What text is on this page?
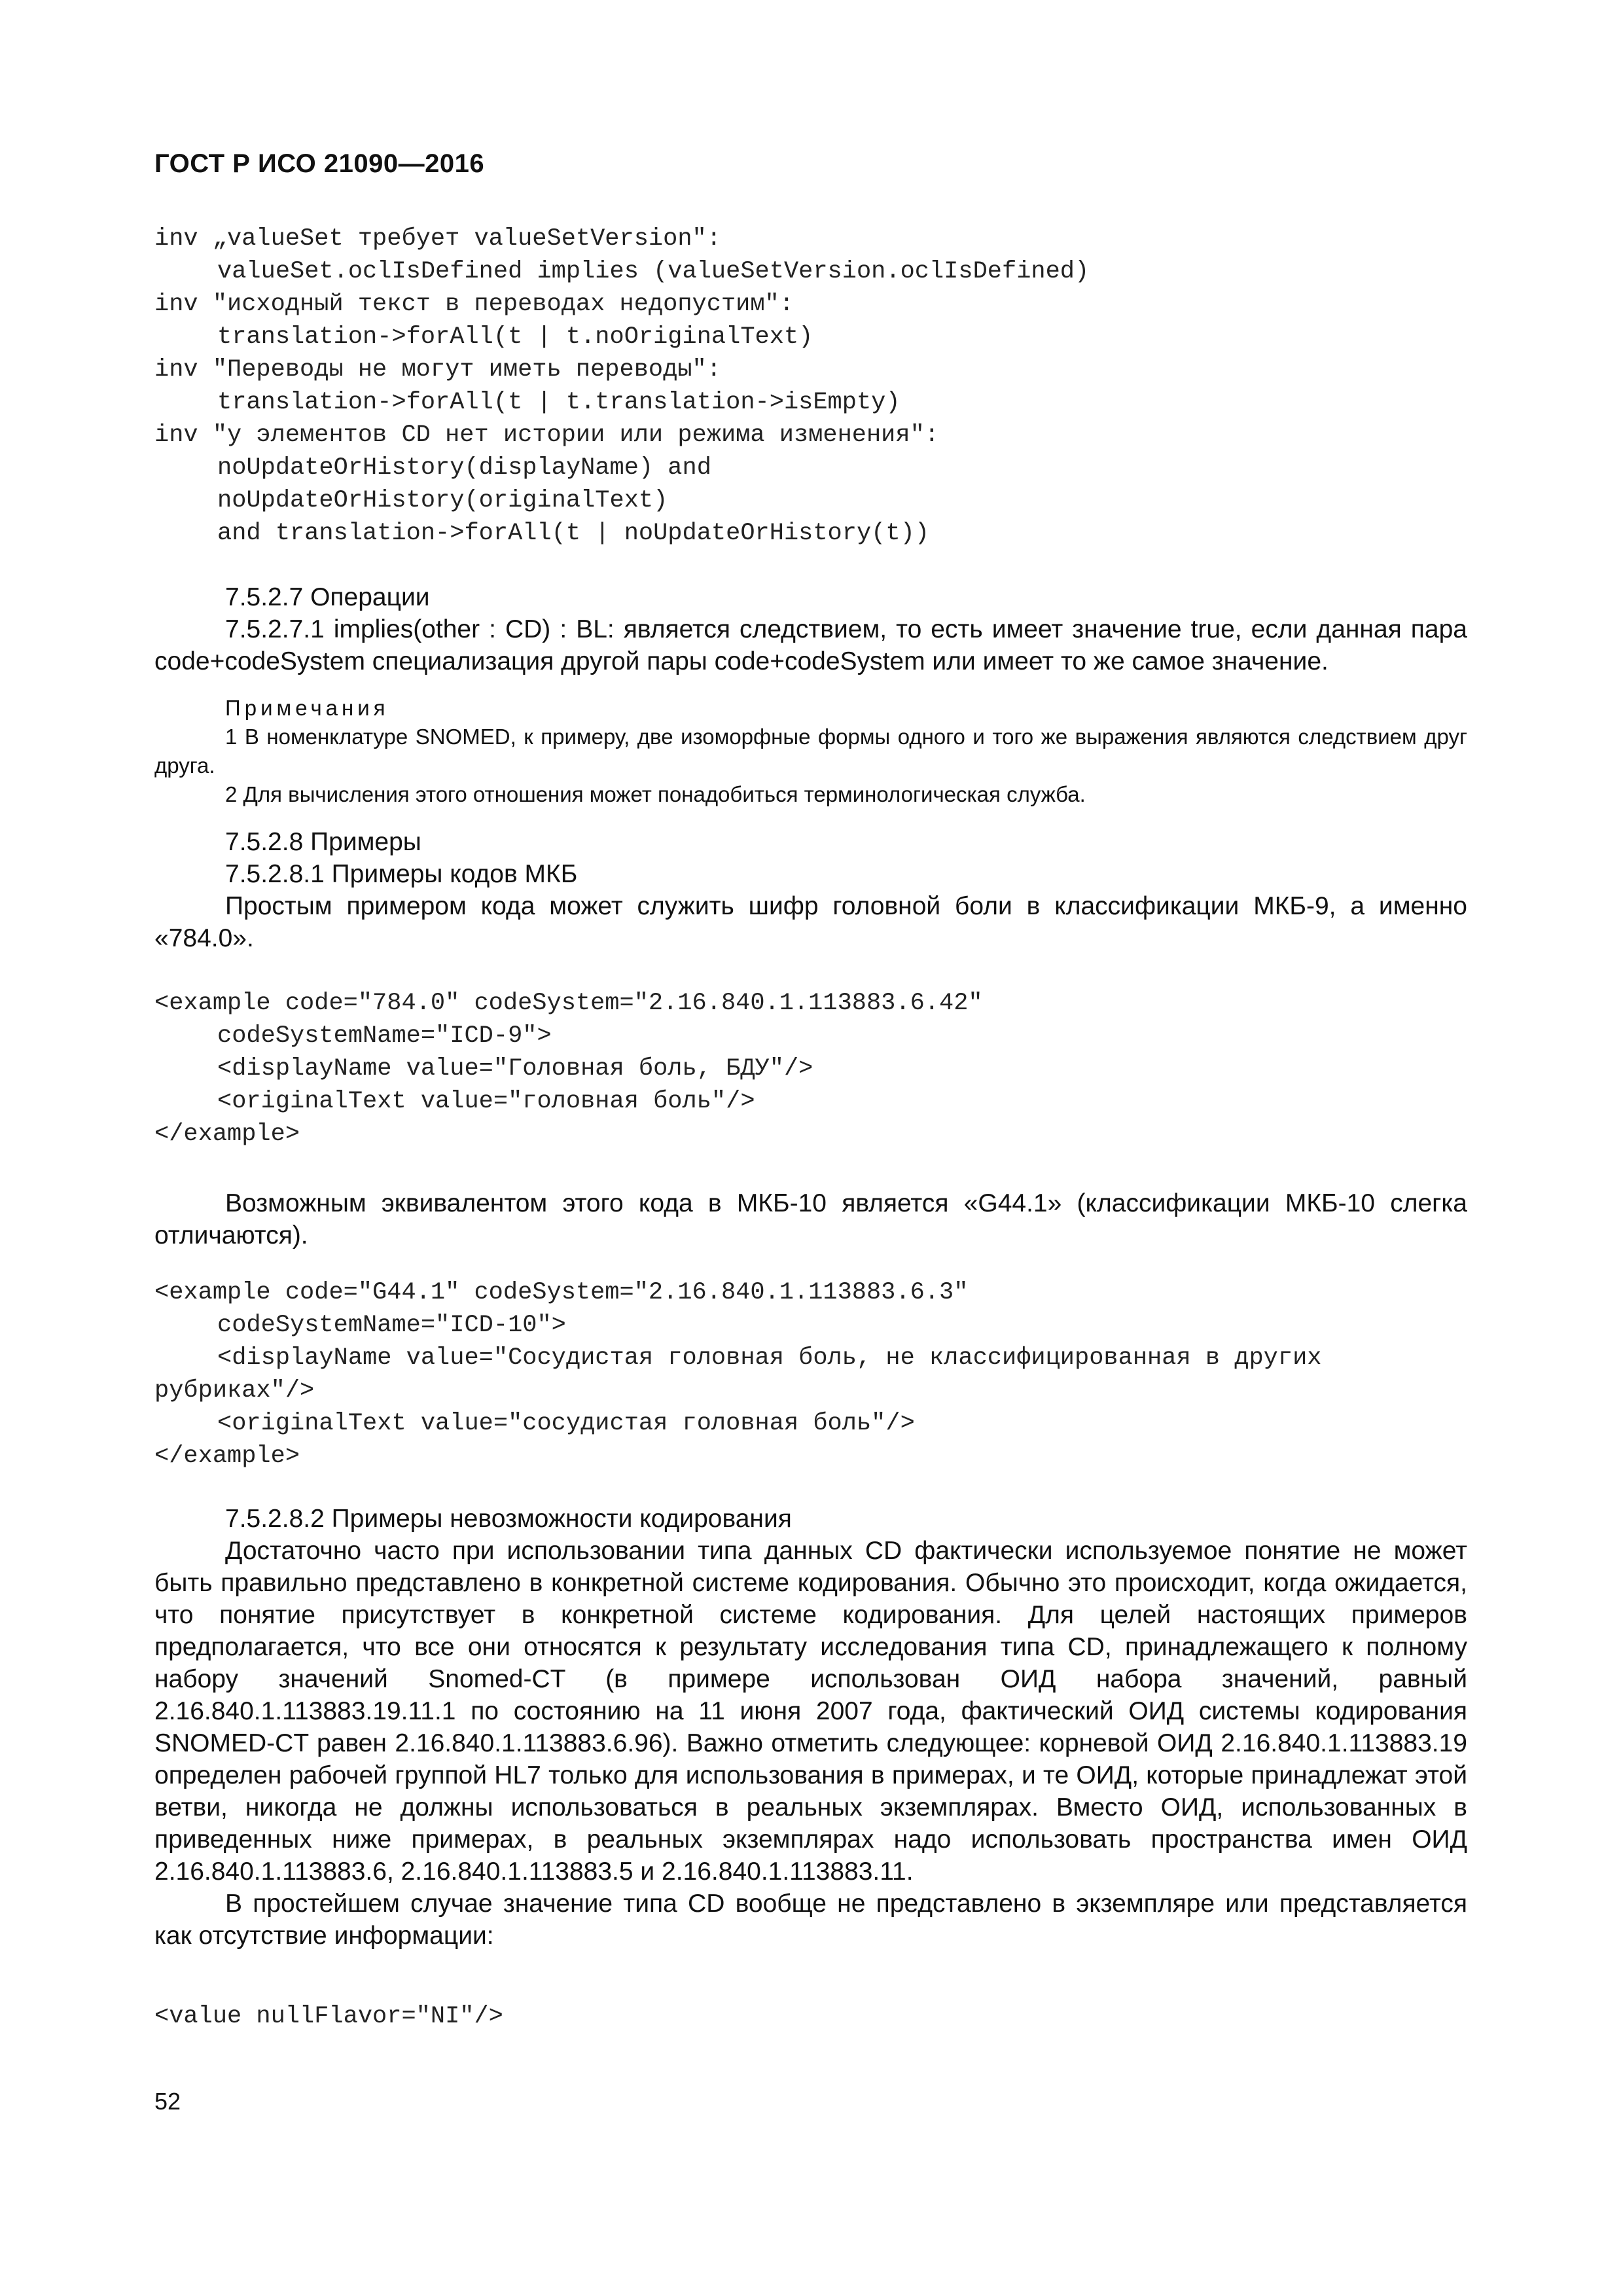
ГОСТ Р ИСО 21090—2016
inv „valueSet требует valueSetVersion":
valueSet.oclIsDefined implies (valueSetVersion.oclIsDefined)
inv "исходный текст в переводах недопустим":
translation->forAll(t | t.noOriginalText)
inv "Переводы не могут иметь переводы":
translation->forAll(t | t.translation->isEmpty)
inv "у элементов CD нет истории или режима изменения":
noUpdateOrHistory(displayName) and
noUpdateOrHistory(originalText)
and translation->forAll(t | noUpdateOrHistory(t))
7.5.2.7 Операции

7.5.2.7.1 implies(other : CD) : BL: является следствием, то есть имеет значение true, если данная пара code+codeSystem специализация другой пары code+codeSystem или имеет то же самое значение.

Примечания

1 В номенклатуре SNOMED, к примеру, две изоморфные формы одного и того же выражения являются следствием друг друга.

2 Для вычисления этого отношения может понадобиться терминологическая служба.

7.5.2.8 Примеры
7.5.2.8.1 Примеры кодов МКБ

Простым примером кода может служить шифр головной боли в классификации МКБ-9, а именно «784.0».

<example code="784.0" codeSystem="2.16.840.1.113883.6.42"
codeSystemName="ICD-9">
<displayName value="Головная боль, БДУ"/>
<originalText value="головная боль"/>
</example>

Возможным эквивалентом этого кода в МКБ-10 является «G44.1» (классификации МКБ-10 слегка отличаются).

<example code="G44.1" codeSystem="2.16.840.1.113883.6.3"
codeSystemName="ICD-10">
<displayName value="Сосудистая головная боль, не классифицированная в других
рубриках"/>
<originalText value="сосудистая головная боль"/>
</example>
7.5.2.8.2 Примеры невозможности кодирования

Достаточно часто при использовании типа данных CD фактически используемое понятие не может быть правильно представлено в конкретной системе кодирования. Обычно это происходит, когда ожидается, что понятие присутствует в конкретной системе кодирования. Для целей настоящих примеров предполагается, что все они относятся к результату исследования типа CD, принадлежащего к полному набору значений Snomed-CT (в примере использован ОИД набора значений, равный 2.16.840.1.113883.19.11.1 по состоянию на 11 июня 2007 года, фактический ОИД системы кодирования SNOMED-CT равен 2.16.840.1.113883.6.96). Важно отметить следующее: корневой ОИД 2.16.840.1.113883.19 определен рабочей группой HL7 только для использования в примерах, и те ОИД, которые принадлежат этой ветви, никогда не должны использоваться в реальных экземплярах. Вместо ОИД, использованных в приведенных ниже примерах, в реальных экземплярах надо использовать пространства имен ОИД 2.16.840.1.113883.6, 2.16.840.1.113883.5 и 2.16.840.1.113883.11.

В простейшем случае значение типа CD вообще не представлено в экземпляре или представляется как отсутствие информации:

<value nullFlavor="NI"/>
52
